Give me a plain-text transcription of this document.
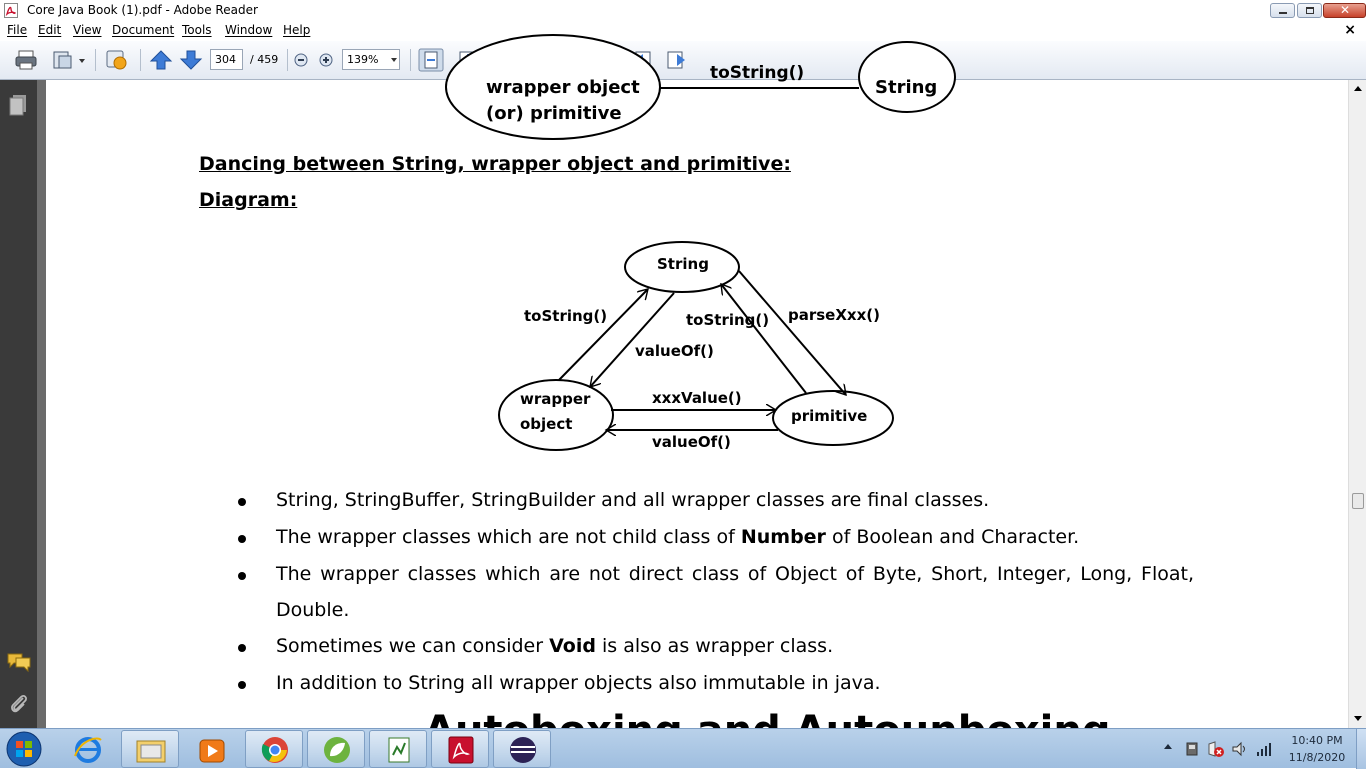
Core Java Book (1).pdf - Adobe Reader	✕
File Edit View Document Tools Window Help	×
304	/ 459	139%
wrapper object
(or) primitive
String
toString()
Dancing between String, wrapper object and primitive:
Diagram:
String
wrapper
object	primitive
toString()
valueOf()
toString() parseXxx()
xxxValue()
valueOf()
String, StringBuffer, StringBuilder and all wrapper classes are final classes.
The wrapper classes which are not child class of Number of Boolean and Character.
The wrapper classes which are not direct class of Object of Byte, Short, Integer, Long, Float, Double.
Sometimes we can consider Void is also as wrapper class.
In addition to String all wrapper objects also immutable in java.
10:40 PM
11/8/2020
